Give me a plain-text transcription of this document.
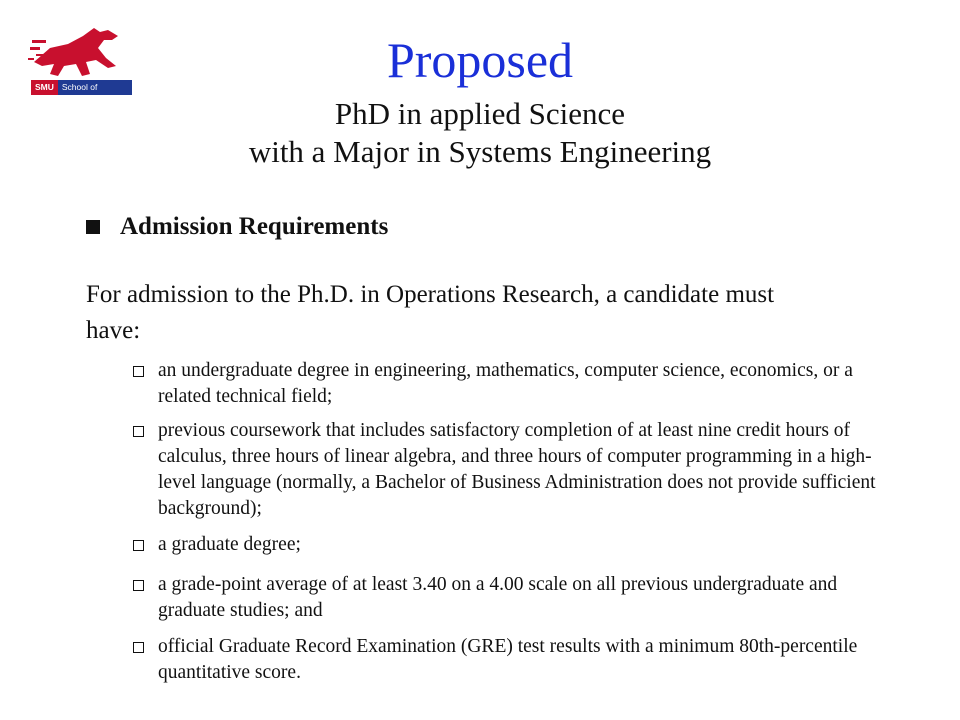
SMU School of Engineering
Proposed
PhD in applied Science
with a Major in Systems Engineering
Admission Requirements
For admission to the Ph.D. in Operations Research, a candidate must have:
an undergraduate degree in engineering, mathematics, computer science, economics, or a related technical field;
previous coursework that includes satisfactory completion of at least nine credit hours of calculus, three hours of linear algebra, and three hours of computer programming in a high-level language (normally, a Bachelor of Business Administration does not provide sufficient background);
a graduate degree;
a grade-point average of at least 3.40 on a 4.00 scale on all previous undergraduate and graduate studies; and
official Graduate Record Examination (GRE) test results with a minimum 80th-percentile quantitative score.
